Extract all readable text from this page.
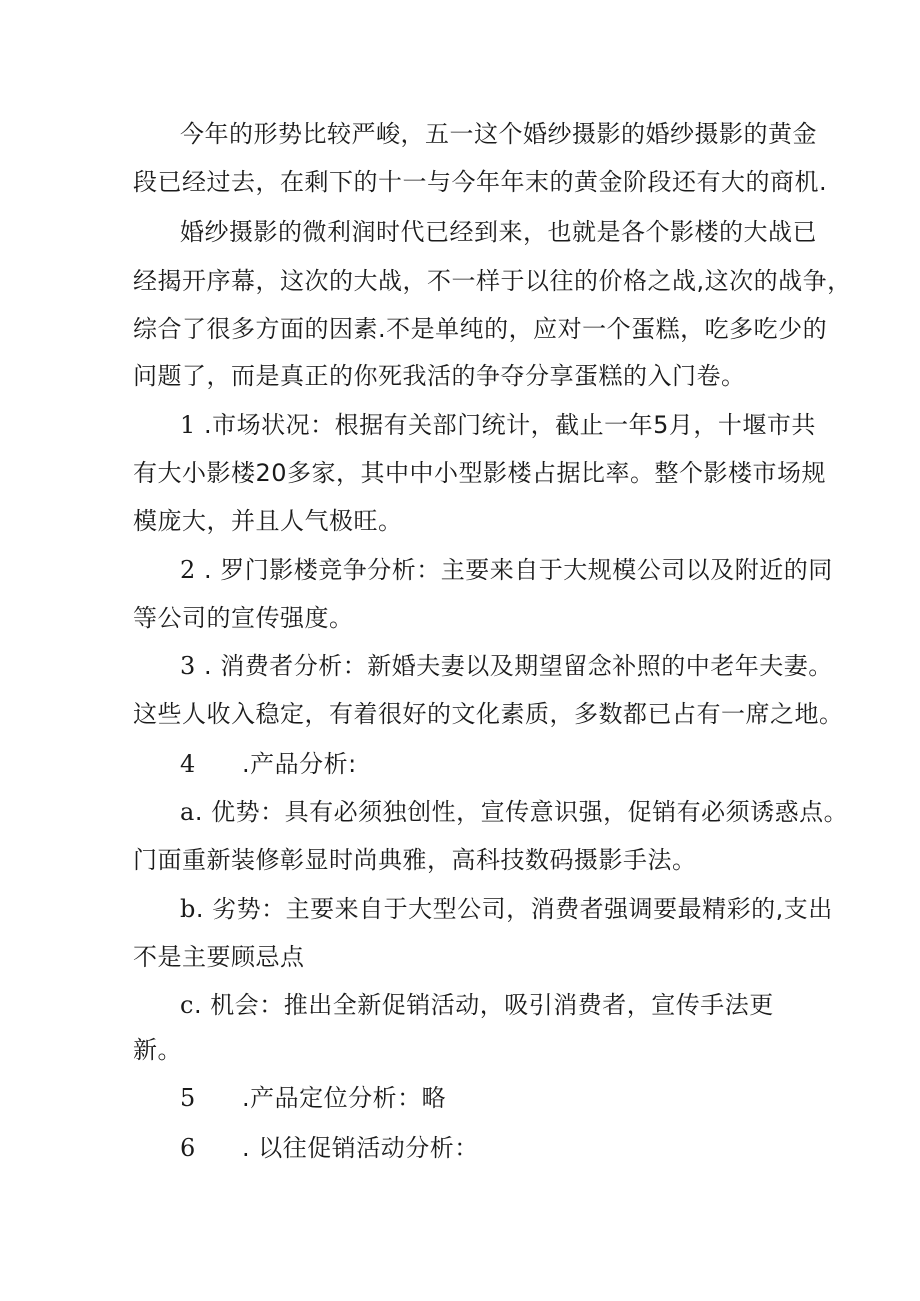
今年的形势比较严峻，五一这个婚纱摄影的婚纱摄影的黄金
段已经过去，在剩下的十一与今年年末的黄金阶段还有大的商机.
婚纱摄影的微利润时代已经到来，也就是各个影楼的大战已
经揭开序幕，这次的大战，不一样于以往的价格之战,这次的战争，
综合了很多方面的因素.不是单纯的，应对一个蛋糕，吃多吃少的
问题了，而是真正的你死我活的争夺分享蛋糕的入门卷。
1 .市场状况：根据有关部门统计，截止一年5月，十堰市共
有大小影楼20多家，其中中小型影楼占据比率。整个影楼市场规
模庞大，并且人气极旺。
2 . 罗门影楼竞争分析：主要来自于大规模公司以及附近的同
等公司的宣传强度。
3 . 消费者分析：新婚夫妻以及期望留念补照的中老年夫妻。
这些人收入稳定，有着很好的文化素质，多数都已占有一席之地。
4 .产品分析:
a. 优势：具有必须独创性，宣传意识强，促销有必须诱惑点。
门面重新装修彰显时尚典雅，高科技数码摄影手法。
b. 劣势：主要来自于大型公司，消费者强调要最精彩的,支出
不是主要顾忌点
c. 机会：推出全新促销活动，吸引消费者，宣传手法更
新。
5 .产品定位分析：略
6 . 以往促销活动分析：
